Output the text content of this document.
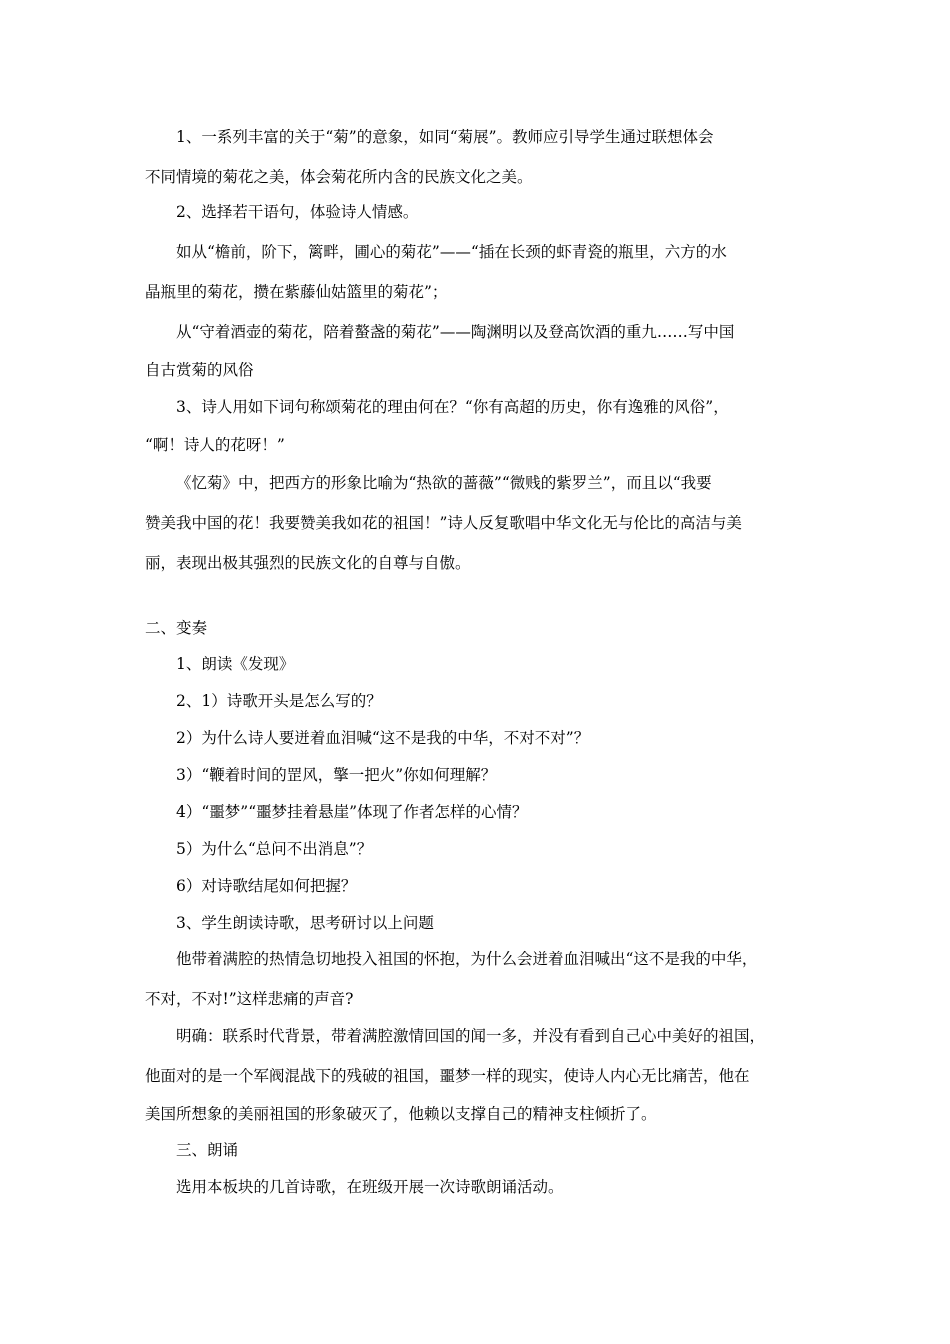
1、一系列丰富的关于“菊”的意象，如同“菊展”。教师应引导学生通过联想体会

不同情境的菊花之美，体会菊花所内含的民族文化之美。

2、选择若干语句，体验诗人情感。

如从“檐前，阶下，篱畔，圃心的菊花”——“插在长颈的虾青瓷的瓶里，六方的水

晶瓶里的菊花，攒在紫藤仙姑篮里的菊花”；

从“守着酒壶的菊花，陪着螯盏的菊花”——陶渊明以及登高饮酒的重九……写中国

自古赏菊的风俗

3、诗人用如下词句称颂菊花的理由何在？“你有高超的历史，你有逸雅的风俗”，

“啊！诗人的花呀！”

《忆菊》中，把西方的形象比喻为“热欲的蔷薇”“微贱的紫罗兰”，而且以“我要

赞美我中国的花！我要赞美我如花的祖国！”诗人反复歌唱中华文化无与伦比的高洁与美

丽，表现出极其强烈的民族文化的自尊与自傲。

二、变奏

1、朗读《发现》

2、1）诗歌开头是怎么写的？

2）为什么诗人要迸着血泪喊“这不是我的中华，不对不对”？

3）“鞭着时间的罡风，擎一把火”你如何理解？

4）“噩梦”“噩梦挂着悬崖”体现了作者怎样的心情？

5）为什么“总问不出消息”？

6）对诗歌结尾如何把握？

3、学生朗读诗歌，思考研讨以上问题

他带着满腔的热情急切地投入祖国的怀抱，为什么会迸着血泪喊出“这不是我的中华，

不对，不对!”这样悲痛的声音?

明确：联系时代背景，带着满腔激情回国的闻一多，并没有看到自己心中美好的祖国，

他面对的是一个军阀混战下的残破的祖国，噩梦一样的现实，使诗人内心无比痛苦，他在

美国所想象的美丽祖国的形象破灭了，他赖以支撑自己的精神支柱倾折了。

三、朗诵

选用本板块的几首诗歌，在班级开展一次诗歌朗诵活动。
